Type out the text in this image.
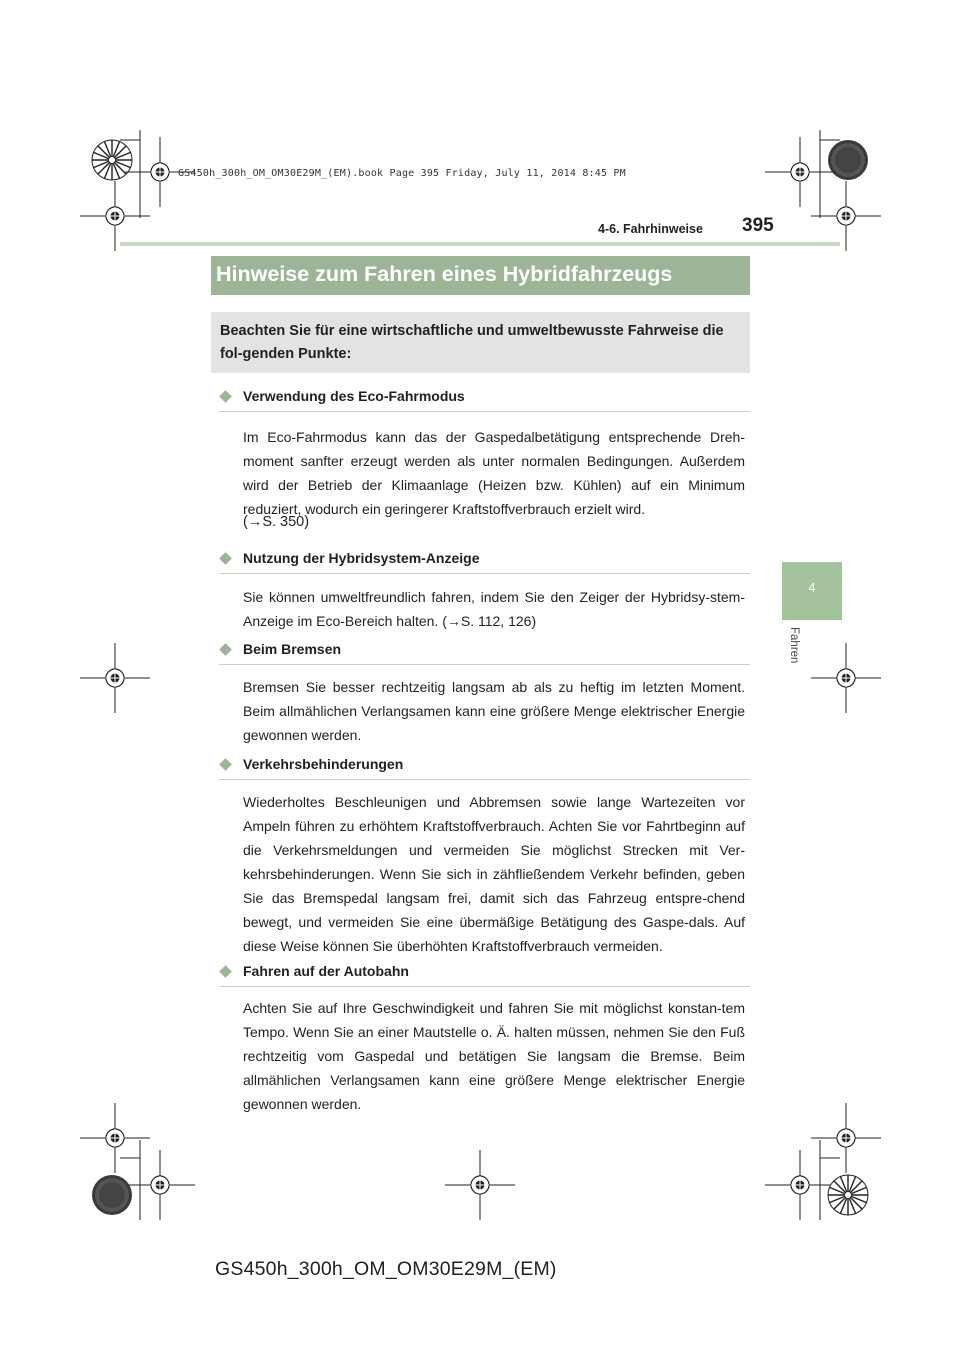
GS450h_300h_OM_OM30E29M_(EM).book Page 395 Friday, July 11, 2014 8:45 PM
4-6. Fahrhinweise 395
4
Fahren
Hinweise zum Fahren eines Hybridfahrzeugs
Beachten Sie für eine wirtschaftliche und umweltbewusste Fahrweise die fol-genden Punkte:
Verwendung des Eco-Fahrmodus
Im Eco-Fahrmodus kann das der Gaspedalbetätigung entsprechende Dreh-moment sanfter erzeugt werden als unter normalen Bedingungen. Außerdem wird der Betrieb der Klimaanlage (Heizen bzw. Kühlen) auf ein Minimum reduziert, wodurch ein geringerer Kraftstoffverbrauch erzielt wird.
(→S. 350)
Nutzung der Hybridsystem-Anzeige
Sie können umweltfreundlich fahren, indem Sie den Zeiger der Hybridsy-stem-Anzeige im Eco-Bereich halten. (→S. 112, 126)
Beim Bremsen
Bremsen Sie besser rechtzeitig langsam ab als zu heftig im letzten Moment. Beim allmählichen Verlangsamen kann eine größere Menge elektrischer Energie gewonnen werden.
Verkehrsbehinderungen
Wiederholtes Beschleunigen und Abbremsen sowie lange Wartezeiten vor Ampeln führen zu erhöhtem Kraftstoffverbrauch. Achten Sie vor Fahrtbeginn auf die Verkehrsmeldungen und vermeiden Sie möglichst Strecken mit Ver-kehrsbehinderungen. Wenn Sie sich in zähfließendem Verkehr befinden, geben Sie das Bremspedal langsam frei, damit sich das Fahrzeug entspre-chend bewegt, und vermeiden Sie eine übermäßige Betätigung des Gaspe-dals. Auf diese Weise können Sie überhöhten Kraftstoffverbrauch vermeiden.
Fahren auf der Autobahn
Achten Sie auf Ihre Geschwindigkeit und fahren Sie mit möglichst konstan-tem Tempo. Wenn Sie an einer Mautstelle o. Ä. halten müssen, nehmen Sie den Fuß rechtzeitig vom Gaspedal und betätigen Sie langsam die Bremse. Beim allmählichen Verlangsamen kann eine größere Menge elektrischer Energie gewonnen werden.
GS450h_300h_OM_OM30E29M_(EM)
